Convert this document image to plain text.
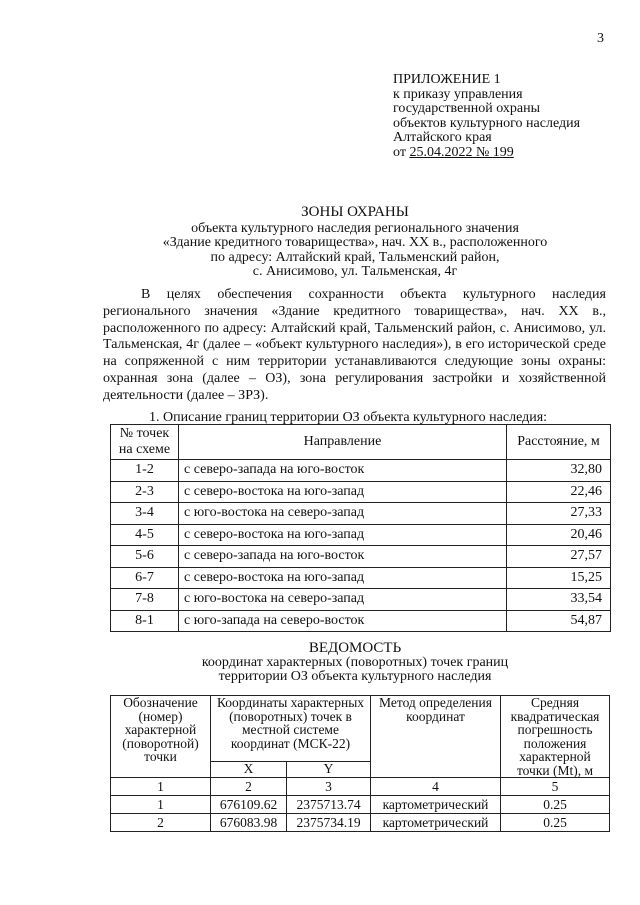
3
ПРИЛОЖЕНИЕ 1
к приказу управления
государственной охраны
объектов культурного наследия
Алтайского края
от 25.04.2022 № 199
ЗОНЫ ОХРАНЫ
объекта культурного наследия регионального значения
«Здание кредитного товарищества», нач. XX в., расположенного
по адресу: Алтайский край, Тальменский район,
с. Анисимово, ул. Тальменская, 4г

В целях обеспечения сохранности объекта культурного наследия регионального значения «Здание кредитного товарищества», нач. XX в., расположенного по адресу: Алтайский край, Тальменский район, с. Анисимово, ул. Тальменская, 4г (далее – «объект культурного наследия»), в его исторической среде на сопряженной с ним территории устанавливаются следующие зоны охраны: охранная зона (далее – ОЗ), зона регулирования застройки и хозяйственной деятельности (далее – ЗРЗ).

1. Описание границ территории ОЗ объекта культурного наследия:
№ точек на схеме	Направление	Расстояние, м
1-2	с северо-запада на юго-восток	32,80
2-3	с северо-востока на юго-запад	22,46
3-4	с юго-востока на северо-запад	27,33
4-5	с северо-востока на юго-запад	20,46
5-6	с северо-запада на юго-восток	27,57
6-7	с северо-востока на юго-запад	15,25
7-8	с юго-востока на северо-запад	33,54
8-1	с юго-запада на северо-восток	54,87
ВЕДОМОСТЬ
координат характерных (поворотных) точек границ
территории ОЗ объекта культурного наследия
Обозначение (номер) характерной (поворотной) точки	Координаты характерных (поворотных) точек в местной системе координат (МСК-22)		Метод определения координат	Средняя квадратическая погрешность положения характерной точки (Mt), м
	X	Y		
1	2	3	4	5
1	676109.62	2375713.74	картометрический	0.25
2	676083.98	2375734.19	картометрический	0.25
